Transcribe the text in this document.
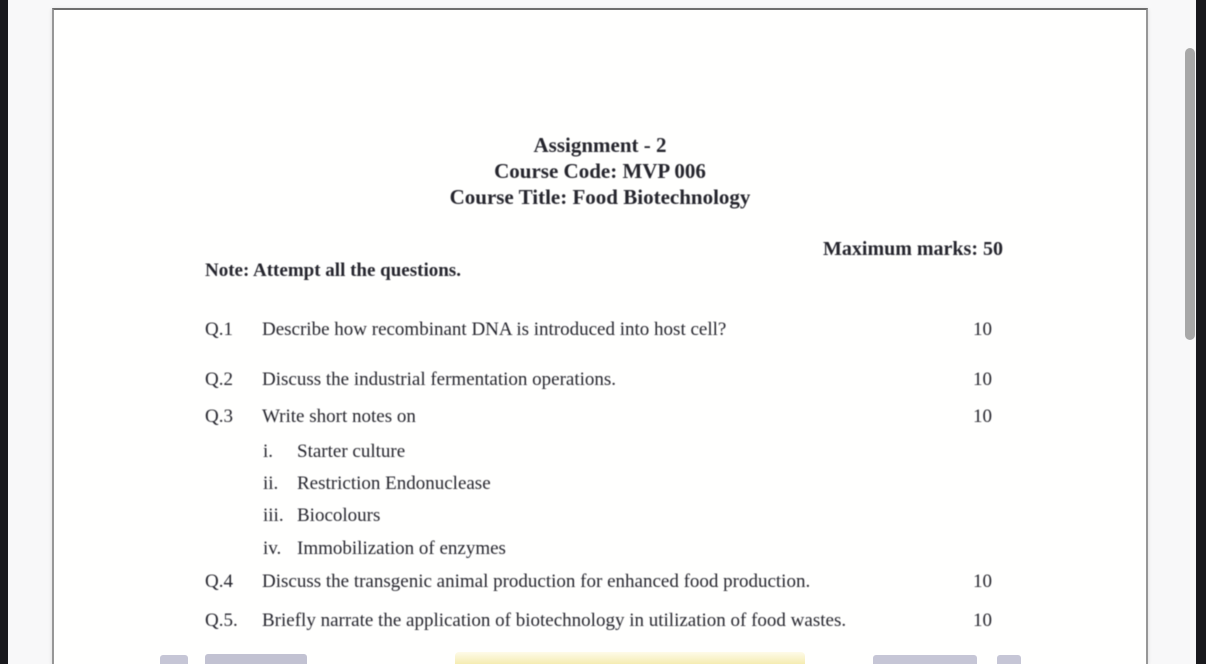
Assignment - 2
Course Code: MVP 006
Course Title: Food Biotechnology
Maximum marks: 50
Note: Attempt all the questions.
Q.1 Describe how recombinant DNA is introduced into host cell?	10
Q.2 Discuss the industrial fermentation operations.	10
Q.3 Write short notes on	10
i. Starter culture
ii. Restriction Endonuclease
iii. Biocolours
iv. Immobilization of enzymes
Q.4 Discuss the transgenic animal production for enhanced food production.	10
Q.5. Briefly narrate the application of biotechnology in utilization of food wastes.	10
